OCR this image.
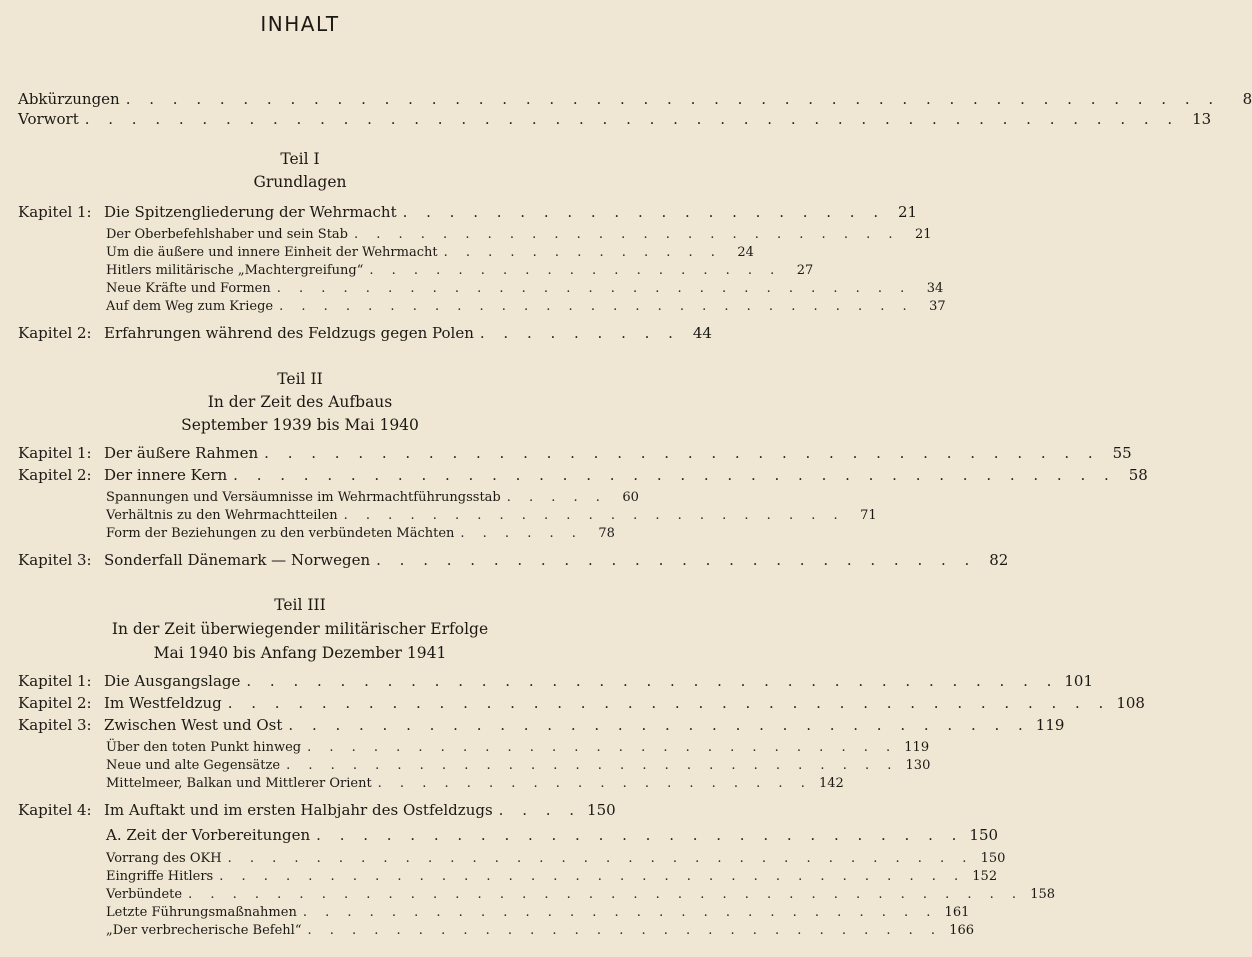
INHALT
Abkürzungen . . . . . . . . . . . . . . . . . . . . . . . . . . . . . . . . . . . . . . . . . . . . . . .	8
Vorwort . . . . . . . . . . . . . . . . . . . . . . . . . . . . . . . . . . . . . . . . . . . . . . . 13
Teil I
Grundlagen
Kapitel 1: Die Spitzengliederung der Wehrmacht . . . . . . . . . . . . . . . . . . . . . 21
Der Oberbefehlshaber und sein Stab . . . . . . . . . . . . . . . . . . . . . . . . .	21
Um die äußere und innere Einheit der Wehrmacht . . . . . . . . . . . . .	24
Hitlers militärische „Machtergreifung“ . . . . . . . . . . . . . . . . . . .	27
Neue Kräfte und Formen . . . . . . . . . . . . . . . . . . . . . . . . . . . . .	34
Auf dem Weg zum Kriege . . . . . . . . . . . . . . . . . . . . . . . . . . . . .	37
Kapitel 2: Erfahrungen während des Feldzugs gegen Polen . . . . . . . . . 44
Teil II
In der Zeit des Aufbaus
September 1939 bis Mai 1940
Kapitel 1: Der äußere Rahmen . . . . . . . . . . . . . . . . . . . . . . . . . . . . . . . . . . . . 55
Kapitel 2: Der innere Kern . . . . . . . . . . . . . . . . . . . . . . . . . . . . . . . . . . . . . . 58
Spannungen und Versäumnisse im Wehrmachtführungsstab . . . . .	60
Verhältnis zu den Wehrmachtteilen . . . . . . . . . . . . . . . . . . . . . . .	71
Form der Beziehungen zu den verbündeten Mächten . . . . . .	78
Kapitel 3: Sonderfall Dänemark — Norwegen . . . . . . . . . . . . . . . . . . . . . . . . . . 82
Teil III
In der Zeit überwiegender militärischer Erfolge
Mai 1940 bis Anfang Dezember 1941
Kapitel 1: Die Ausgangslage . . . . . . . . . . . . . . . . . . . . . . . . . . . . . . . . . . . 101
Kapitel 2: Im Westfeldzug . . . . . . . . . . . . . . . . . . . . . . . . . . . . . . . . . . . . . . 108
Kapitel 3: Zwischen West und Ost . . . . . . . . . . . . . . . . . . . . . . . . . . . . . . . . 119
Über den toten Punkt hinweg . . . . . . . . . . . . . . . . . . . . . . . . . . . 119
Neue und alte Gegensätze . . . . . . . . . . . . . . . . . . . . . . . . . . . . 130
Mittelmeer, Balkan und Mittlerer Orient . . . . . . . . . . . . . . . . . . . . 142
Kapitel 4: Im Auftakt und im ersten Halbjahr des Ostfeldzugs . . . . 150
A. Zeit der Vorbereitungen . . . . . . . . . . . . . . . . . . . . . . . . . . . . 150
Vorrang des OKH . . . . . . . . . . . . . . . . . . . . . . . . . . . . . . . . . . 150
Eingriffe Hitlers . . . . . . . . . . . . . . . . . . . . . . . . . . . . . . . . . . 152
Verbündete . . . . . . . . . . . . . . . . . . . . . . . . . . . . . . . . . . . . . . 158
Letzte Führungsmaßnahmen . . . . . . . . . . . . . . . . . . . . . . . . . . . . . 161
„Der verbrecherische Befehl“ . . . . . . . . . . . . . . . . . . . . . . . . . . . . . 166
